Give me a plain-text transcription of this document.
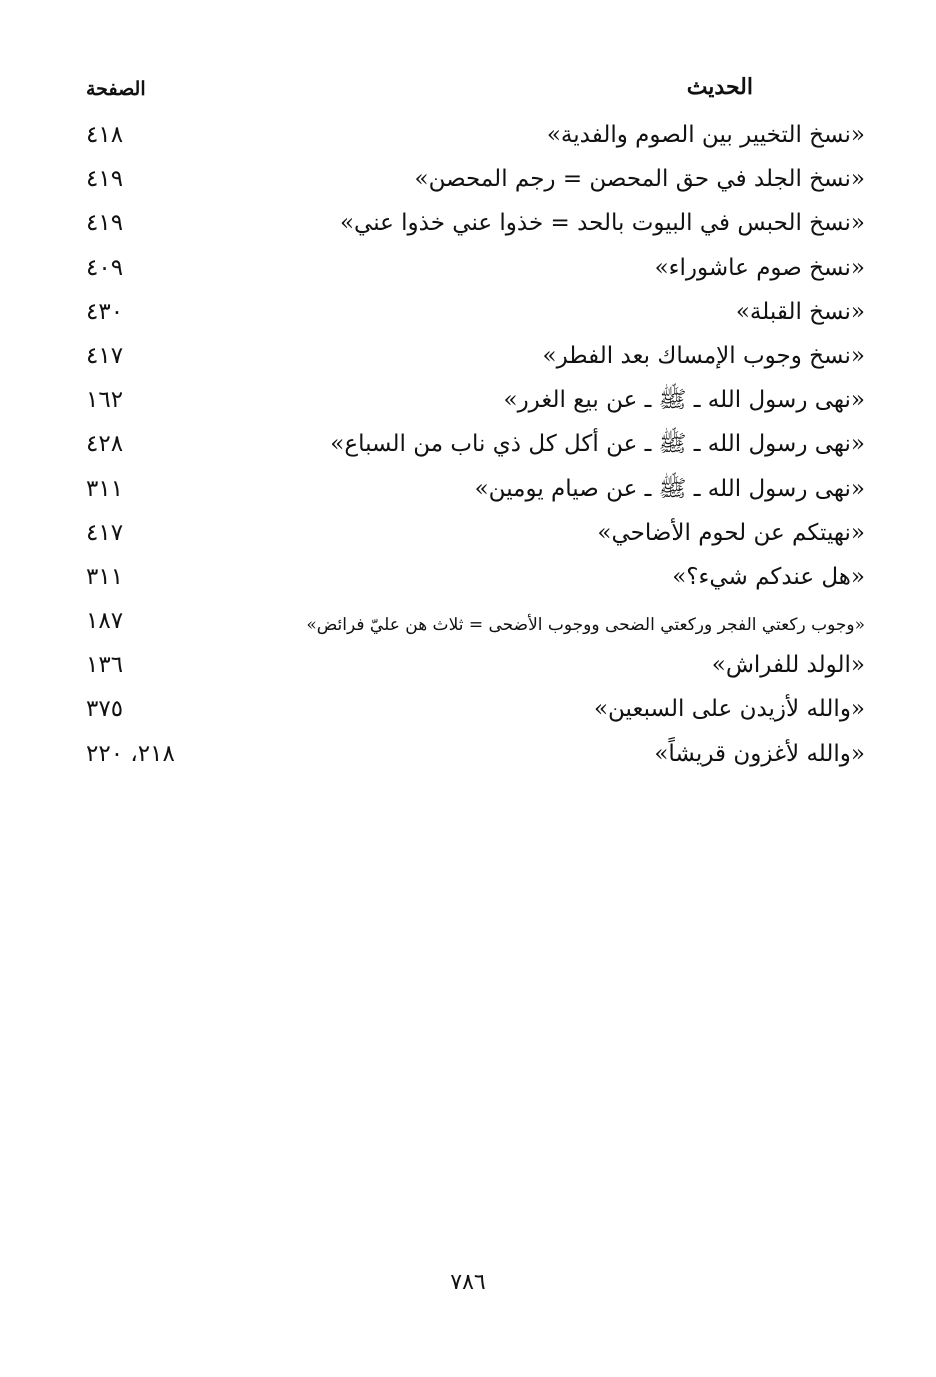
الحديث
الصفحة
«نسخ التخيير بين الصوم والفدية»
٤١٨
«نسخ الجلد في حق المحصن = رجم المحصن»
٤١٩
«نسخ الحبس في البيوت بالحد = خذوا عني خذوا عني»
٤١٩
«نسخ صوم عاشوراء»
٤٠٩
«نسخ القبلة»
٤٣٠
«نسخ وجوب الإمساك بعد الفطر»
٤١٧
«نهى رسول الله ـ ﷺ ـ عن بيع الغرر»
١٦٢
«نهى رسول الله ـ ﷺ ـ عن أكل كل ذي ناب من السباع»
٤٢٨
«نهى رسول الله ـ ﷺ ـ عن صيام يومين»
٣١١
«نهيتكم عن لحوم الأضاحي»
٤١٧
«هل عندكم شيء؟»
٣١١
«وجوب ركعتي الفجر وركعتي الضحى ووجوب الأضحى = ثلاث هن عليّ فرائض»
١٨٧
«الولد للفراش»
١٣٦
«والله لأزيدن على السبعين»
٣٧٥
«والله لأغزون قريشاً»
٢١٨، ٢٢٠
٧٨٦
